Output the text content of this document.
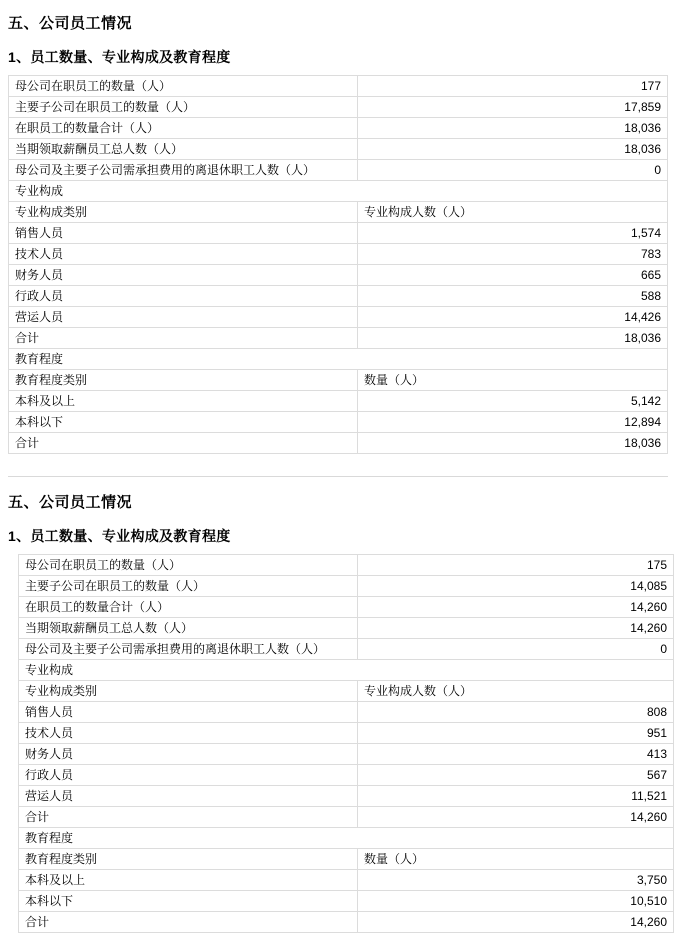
五、公司员工情况
1、员工数量、专业构成及教育程度
母公司在职员工的数量（人）	177
主要子公司在职员工的数量（人）	17,859
在职员工的数量合计（人）	18,036
当期领取薪酬员工总人数（人）	18,036
母公司及主要子公司需承担费用的离退休职工人数（人）	0
专业构成	
专业构成类别	专业构成人数（人）
销售人员	1,574
技术人员	783
财务人员	665
行政人员	588
营运人员	14,426
合计	18,036
教育程度	
教育程度类别	数量（人）
本科及以上	5,142
本科以下	12,894
合计	18,036
五、公司员工情况
1、员工数量、专业构成及教育程度
母公司在职员工的数量（人）	175
主要子公司在职员工的数量（人）	14,085
在职员工的数量合计（人）	14,260
当期领取薪酬员工总人数（人）	14,260
母公司及主要子公司需承担费用的离退休职工人数（人）	0
专业构成	
专业构成类别	专业构成人数（人）
销售人员	808
技术人员	951
财务人员	413
行政人员	567
营运人员	11,521
合计	14,260
教育程度	
教育程度类别	数量（人）
本科及以上	3,750
本科以下	10,510
合计	14,260
